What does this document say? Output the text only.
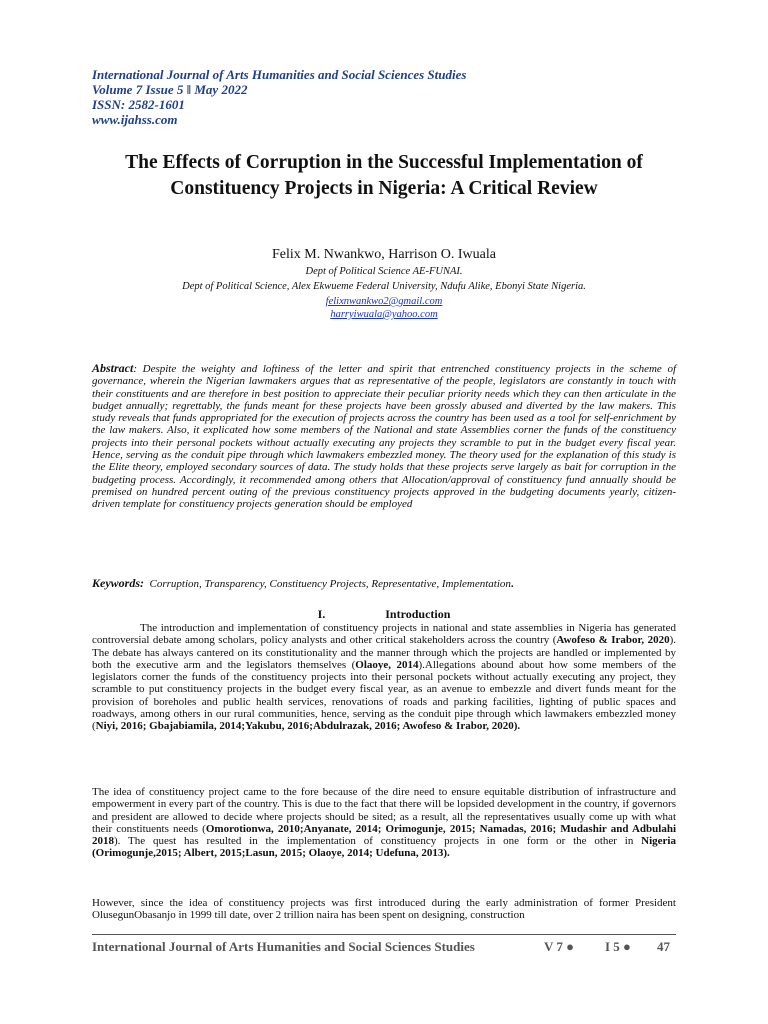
International Journal of Arts Humanities and Social Sciences Studies
Volume 7 Issue 5 ǁ May 2022
ISSN: 2582-1601
www.ijahss.com
The Effects of Corruption in the Successful Implementation of Constituency Projects in Nigeria: A Critical Review
Felix M. Nwankwo, Harrison O. Iwuala
Dept of Political Science AE-FUNAI.
Dept of Political Science, Alex Ekwueme Federal University, Ndufu Alike, Ebonyi State Nigeria.
felixnwankwo2@gmail.com
harryiwuala@yahoo.com
Abstract: Despite the weighty and loftiness of the letter and spirit that entrenched constituency projects in the scheme of governance, wherein the Nigerian lawmakers argues that as representative of the people, legislators are constantly in touch with their constituents and are therefore in best position to appreciate their peculiar priority needs which they can then articulate in the budget annually; regrettably, the funds meant for these projects have been grossly abused and diverted by the law makers. This study reveals that funds appropriated for the execution of projects across the country has been used as a tool for self-enrichment by the law makers. Also, it explicated how some members of the National and state Assemblies corner the funds of the constituency projects into their personal pockets without actually executing any projects they scramble to put in the budget every fiscal year. Hence, serving as the conduit pipe through which lawmakers embezzled money. The theory used for the explanation of this study is the Elite theory, employed secondary sources of data. The study holds that these projects serve largely as bait for corruption in the budgeting process. Accordingly, it recommended among others that Allocation/approval of constituency fund annually should be premised on hundred percent outing of the previous constituency projects approved in the budgeting documents yearly, citizen-driven template for constituency projects generation should be employed
Keywords: Corruption, Transparency, Constituency Projects, Representative, Implementation.
I.	Introduction
The introduction and implementation of constituency projects in national and state assemblies in Nigeria has generated controversial debate among scholars, policy analysts and other critical stakeholders across the country (Awofeso & Irabor, 2020). The debate has always cantered on its constitutionality and the manner through which the projects are handled or implemented by both the executive arm and the legislators themselves (Olaoye, 2014).Allegations abound about how some members of the legislators corner the funds of the constituency projects into their personal pockets without actually executing any project, they scramble to put constituency projects in the budget every fiscal year, as an avenue to embezzle and divert funds meant for the provision of boreholes and public health services, renovations of roads and parking facilities, lighting of public spaces and roadways, among others in our rural communities, hence, serving as the conduit pipe through which lawmakers embezzled money (Niyi, 2016; Gbajabiamila, 2014;Yakubu, 2016;Abdulrazak, 2016; Awofeso & Irabor, 2020).
The idea of constituency project came to the fore because of the dire need to ensure equitable distribution of infrastructure and empowerment in every part of the country. This is due to the fact that there will be lopsided development in the country, if governors and president are allowed to decide where projects should be sited; as a result, all the representatives usually come up with what their constituents needs (Omorotionwa, 2010;Anyanate, 2014; Orimogunje, 2015; Namadas, 2016; Mudashir and Adbulahi 2018). The quest has resulted in the implementation of constituency projects in one form or the other in Nigeria (Orimogunje,2015; Albert, 2015;Lasun, 2015; Olaoye, 2014; Udefuna, 2013).
However, since the idea of constituency projects was first introduced during the early administration of former President OlusegunObasanjo in 1999 till date, over 2 trillion naira has been spent on designing, construction
International Journal of Arts Humanities and Social Sciences Studies	V 7 ● I 5 ● 47
